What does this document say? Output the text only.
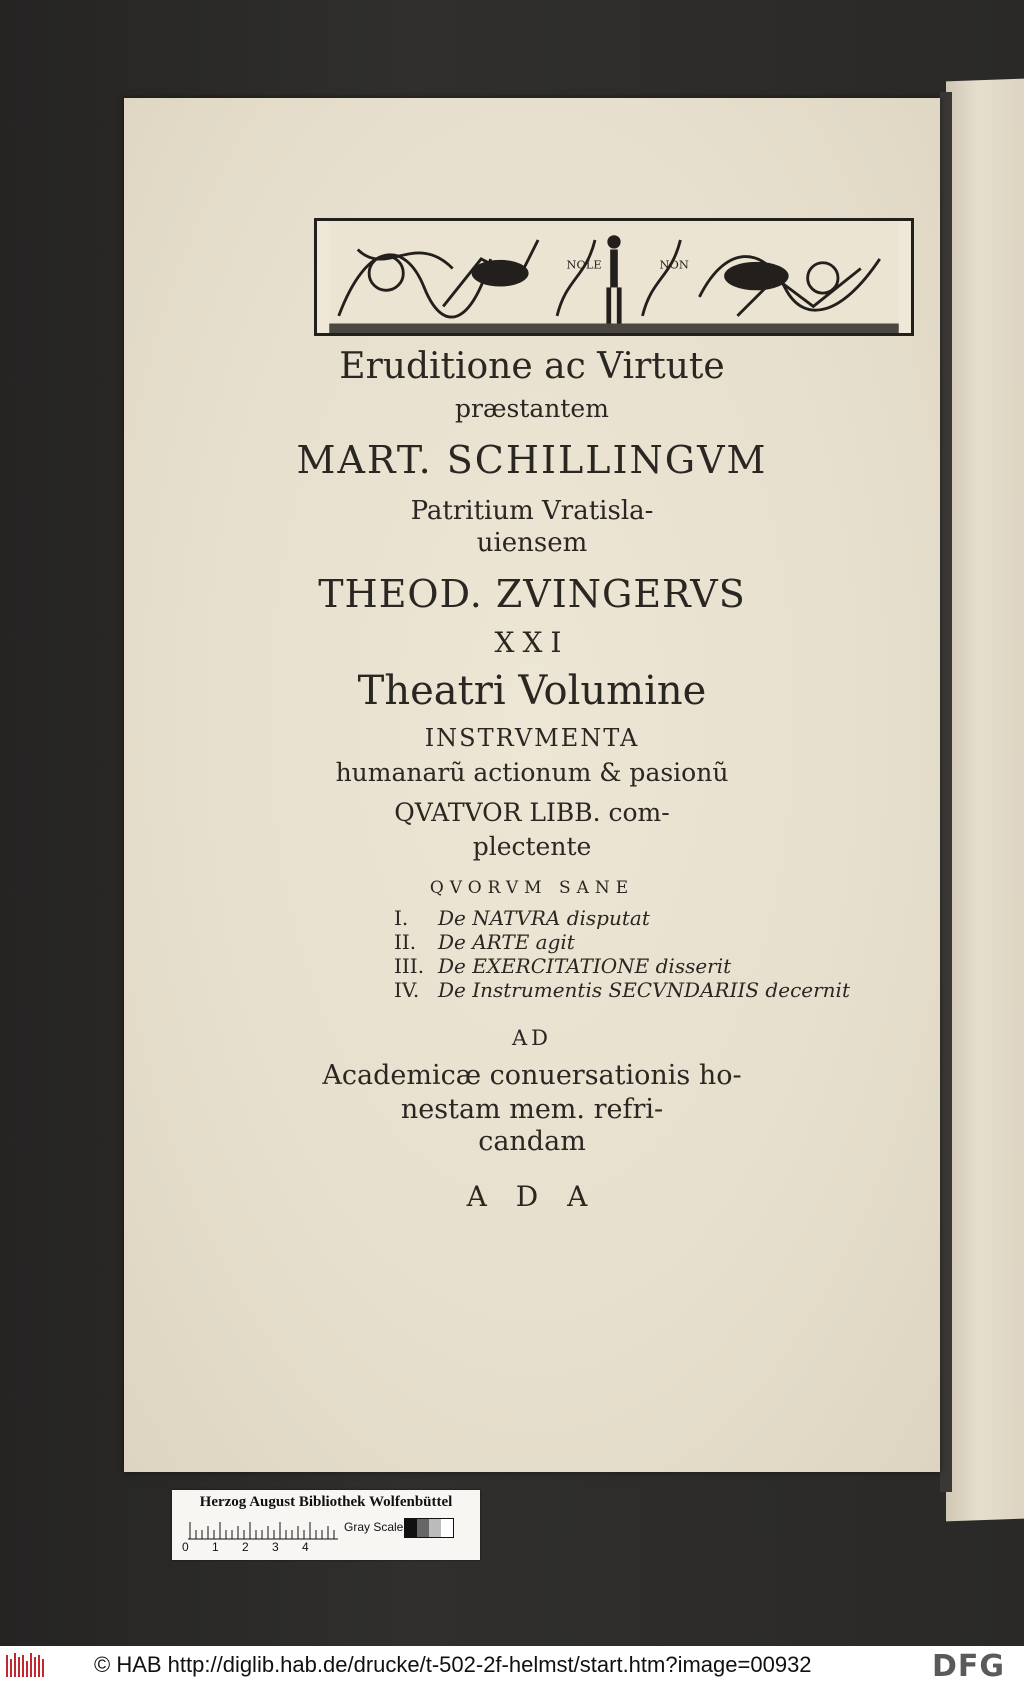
NOLE	NON
Eruditione ac Virtute
præstantem
MART. SCHILLINGVM
Patritium Vratisla-
uiensem
THEOD. ZVINGERVS
XXI
Theatri Volumine
INSTRVMENTA
humanarũ actionum & pasionũ
QVATVOR LIBB. com-
plectente
QVORVM SANE
I. De NATVRA disputat
II. De ARTE agit
III. De EXERCITATIONE disserit
IV. De Instrumentis SECVNDARIIS decernit
AD
Academicæ conuersationis ho-
nestam mem. refri-
candam
A D A
Herzog August Bibliothek Wolfenbüttel
0 1 2 3 4
Gray Scale
© HAB http://diglib.hab.de/drucke/t-502-2f-helmst/start.htm?image=00932	DFG
